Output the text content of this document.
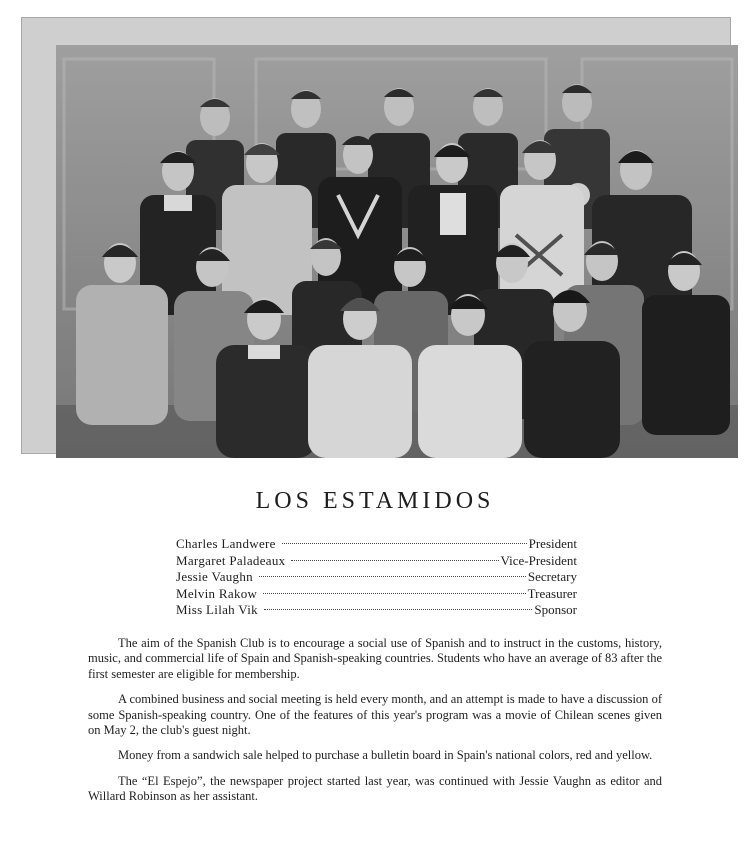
LOS ESTAMIDOS
Charles Landwere	President
Margaret Paladeaux	Vice-President
Jessie Vaughn	Secretary
Melvin Rakow	Treasurer
Miss Lilah Vik	Sponsor

The aim of the Spanish Club is to encourage a social use of Spanish and to instruct in the customs, history, music, and commercial life of Spain and Spanish-speaking countries. Students who have an average of 83 after the first semester are eligible for membership.

A combined business and social meeting is held every month, and an attempt is made to have a discussion of some Spanish-speaking country. One of the features of this year's program was a movie of Chilean scenes given on May 2, the club's guest night.

Money from a sandwich sale helped to purchase a bulletin board in Spain's national colors, red and yellow.

The “El Espejo”, the newspaper project started last year, was continued with Jessie Vaughn as editor and Willard Robinson as her assistant.
